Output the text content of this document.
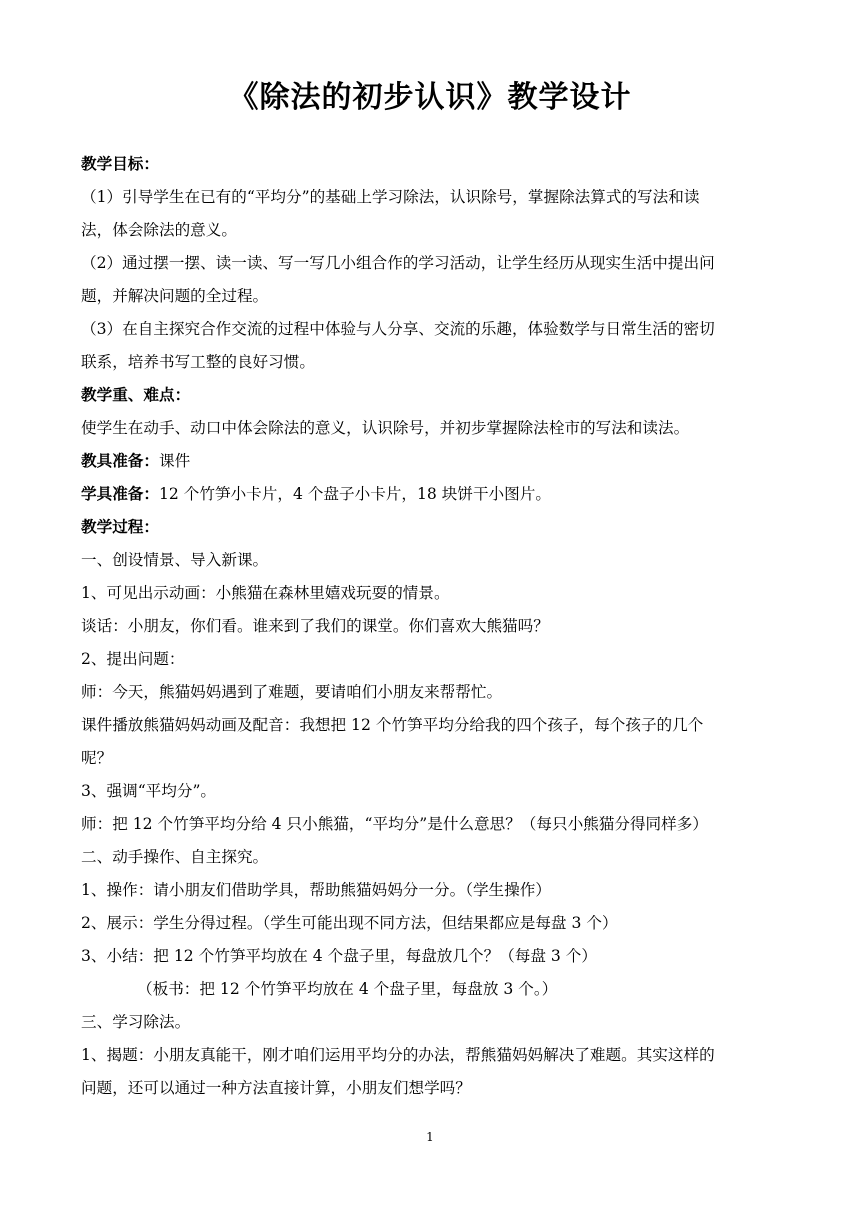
《除法的初步认识》教学设计
教学目标：
（1）引导学生在已有的“平均分”的基础上学习除法，认识除号，掌握除法算式的写法和读
法，体会除法的意义。
（2）通过摆一摆、读一读、写一写几小组合作的学习活动，让学生经历从现实生活中提出问
题，并解决问题的全过程。
（3）在自主探究合作交流的过程中体验与人分享、交流的乐趣，体验数学与日常生活的密切
联系，培养书写工整的良好习惯。
教学重、难点：
使学生在动手、动口中体会除法的意义，认识除号，并初步掌握除法栓市的写法和读法。
教具准备：课件
学具准备：12 个竹笋小卡片，4 个盘子小卡片，18 块饼干小图片。
教学过程：
一、创设情景、导入新课。
1、可见出示动画：小熊猫在森林里嬉戏玩耍的情景。
谈话：小朋友，你们看。谁来到了我们的课堂。你们喜欢大熊猫吗？
2、提出问题：
师：今天，熊猫妈妈遇到了难题，要请咱们小朋友来帮帮忙。
课件播放熊猫妈妈动画及配音：我想把 12 个竹笋平均分给我的四个孩子，每个孩子的几个
呢？
3、强调“平均分”。
师：把 12 个竹笋平均分给 4 只小熊猫，“平均分”是什么意思？（每只小熊猫分得同样多）
二、动手操作、自主探究。
1、操作：请小朋友们借助学具，帮助熊猫妈妈分一分。（学生操作）
2、展示：学生分得过程。（学生可能出现不同方法，但结果都应是每盘 3 个）
3、小结：把 12 个竹笋平均放在 4 个盘子里，每盘放几个？（每盘 3 个）
（板书：把 12 个竹笋平均放在 4 个盘子里，每盘放 3 个。）
三、学习除法。
1、揭题：小朋友真能干，刚才咱们运用平均分的办法，帮熊猫妈妈解决了难题。其实这样的
问题，还可以通过一种方法直接计算，小朋友们想学吗？
1
